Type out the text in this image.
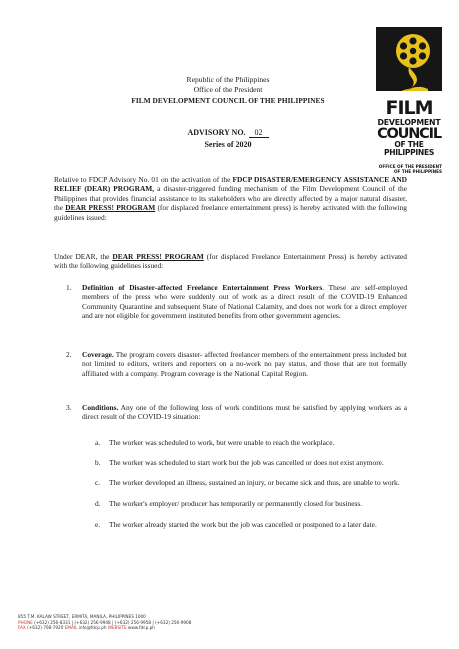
FILM
DEVELOPMENT
COUNCIL
OF THE PHILIPPINES
OFFICE OF THE PRESIDENT
OF THE PHILIPPINES
Republic of the Philippines
Office of the President
FILM DEVELOPMENT COUNCIL OF THE PHILIPPINES
ADVISORY NO. 02
Series of 2020
Relative to FDCP Advisory No. 01 on the activation of the FDCP DISASTER/EMERGENCY ASSISTANCE AND RELIEF (DEAR) PROGRAM, a disaster-triggered funding mechanism of the Film Development Council of the Philippines that provides financial assistance to its stakeholders who are directly affected by a major natural disaster, the DEAR PRESS! PROGRAM (for displaced freelance entertainment press) is hereby activated with the following guidelines issued:
Under DEAR, the DEAR PRESS! PROGRAM (for displaced Freelance Entertainment Press) is hereby activated with the following guidelines issued:
1. Definition of Disaster-affected Freelance Entertainment Press Workers. These are self-employed members of the press who were suddenly out of work as a direct result of the COVID-19 Enhanced Community Quarantine and subsequent State of National Calamity, and does not work for a direct employer and are not eligible for government instituted benefits from other government agencies.
2. Coverage. The program covers disaster- affected freelancer members of the entertainment press included but not limited to editors, writers and reporters on a no-work no pay status, and those that are not formally affiliated with a company. Program coverage is the National Capital Region.
3. Conditions. Any one of the following loss of work conditions must be satisfied by applying workers as a direct result of the COVID-19 situation:
a. The worker was scheduled to work, but were unable to reach the workplace.
b. The worker was scheduled to start work but the job was cancelled or does not exist anymore.
c. The worker developed an illness, sustained an injury, or became sick and thus, are unable to work.
d. The worker's employer/ producer has temporarily or permanently closed for business.
e. The worker already started the work but the job was cancelled or postponed to a later date.
855 T.M. KALAW STREET, ERMITA, MANILA, PHILIPPINES 1000
PHONE (+632) 256-8331 | (+632) 256-9948 | (+632) 256-9958 | (+632) 256-9908
FAX (+632) 708-7920 EMAIL info@fdcp.ph WEBSITE www.fdcp.ph
